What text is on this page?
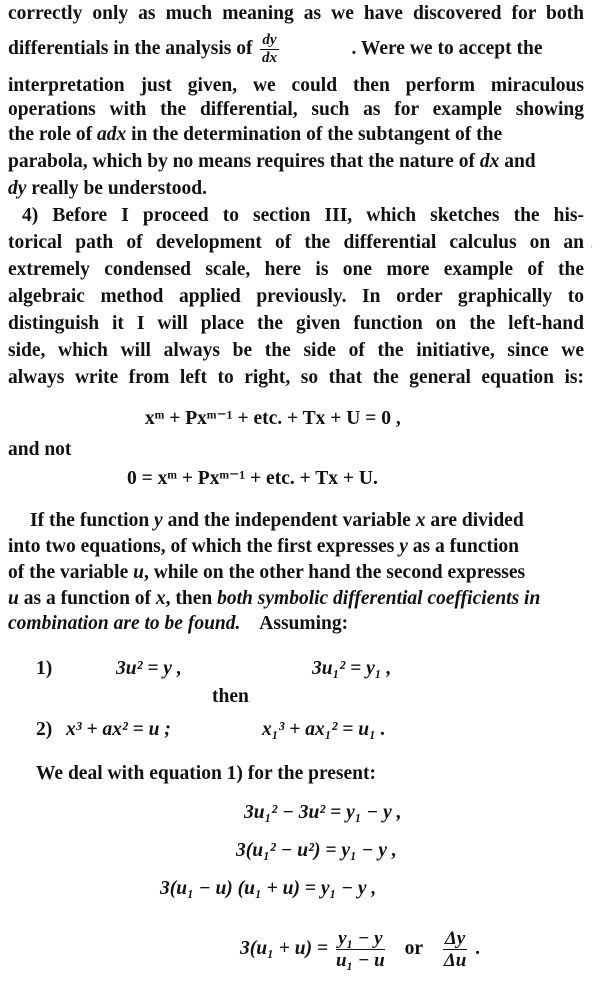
correctly only as much meaning as we have discovered for both
differentials in the analysis of $\frac{dy}{dx}$	. Were we to accept the
interpretation just given, we could then perform miraculous
operations with the differential, such as for example showing
the role of adx in the determination of the subtangent of the
parabola, which by no means requires that the nature of dx and
dy really be understood.
4) Before I proceed to section III, which sketches the his-
torical path of development of the differential calculus on an ˒
extremely condensed scale, here is one more example of the
algebraic method applied previously. In order graphically to
distinguish it I will place the given function on the left-hand
side, which will always be the side of the initiative, since we
always write from left to right, so that the general equation is:
xᵐ + Pxᵐ⁻¹ + etc. + Tx + U = 0 ,
and not
0 = xᵐ + Pxᵐ⁻¹ + etc. + Tx + U.
If the function y and the independent variable x are divided
into two equations, of which the first expresses y as a function
of the variable u, while on the other hand the second expresses
u as a function of x, then both symbolic differential coefficients in
combination are to be found. Assuming:
1)	3u² = y ,	3u₁² = y₁ ,
then
2) x³ + ax² = u ;	x₁³ + ax₁² = u₁ .
We deal with equation 1) for the present:
3u₁² − 3u² = y₁ − y ,
3(u₁² − u²) = y₁ − y ,
3(u₁ − u) (u₁ + u) = y₁ − y ,
$3(u_1 + u) = \frac{\text{y₁ − y}}{\text{u₁ − u}}$ or $\frac{\Delta y}{\Delta u}$ .
